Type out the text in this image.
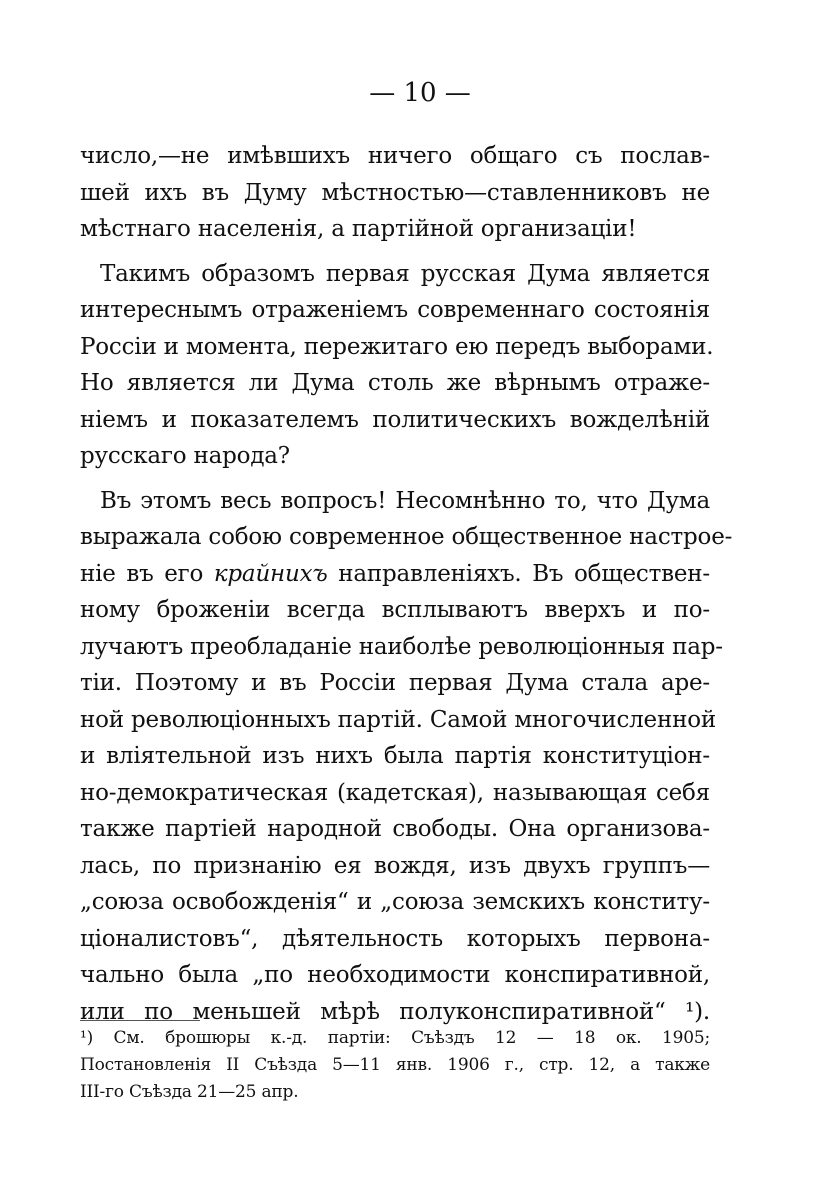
— 10 —
число,—не имѣвшихъ ничего общаго съ послав-
шей ихъ въ Думу мѣстностью—ставленниковъ не
мѣстнаго населенія, а партійной организаціи!
Такимъ образомъ первая русская Дума является
интереснымъ отраженіемъ современнаго состоянія
Россіи и момента, пережитаго ею передъ выборами.
Но является ли Дума столь же вѣрнымъ отраже-
ніемъ и показателемъ политическихъ вожделѣній
русскаго народа?
Въ этомъ весь вопросъ! Несомнѣнно то, что Дума
выражала собою современное общественное настрое-
ніе въ его крайнихъ направленіяхъ. Въ обществен-
ному броженіи всегда всплываютъ вверхъ и по-
лучаютъ преобладаніе наиболѣе революціонныя пар-
тіи. Поэтому и въ Россіи первая Дума стала аре-
ной революціонныхъ партій. Самой многочисленной
и вліятельной изъ нихъ была партія конституціон-
но-демократическая (кадетская), называющая себя
также партіей народной свободы. Она организова-
лась, по признанію ея вождя, изъ двухъ группъ—
„союза освобожденія“ и „союза земскихъ конститу-
ціоналистовъ“, дѣятельность которыхъ первона-
чально была „по необходимости конспиративной,
или по меньшей мѣрѣ полуконспиративной“ ¹).
¹) См. брошюры к.-д. партіи: Съѣздъ 12 — 18 ок. 1905;
Постановленія II Съѣзда 5—11 янв. 1906 г., стр. 12, а также
III-го Съѣзда 21—25 апр.
